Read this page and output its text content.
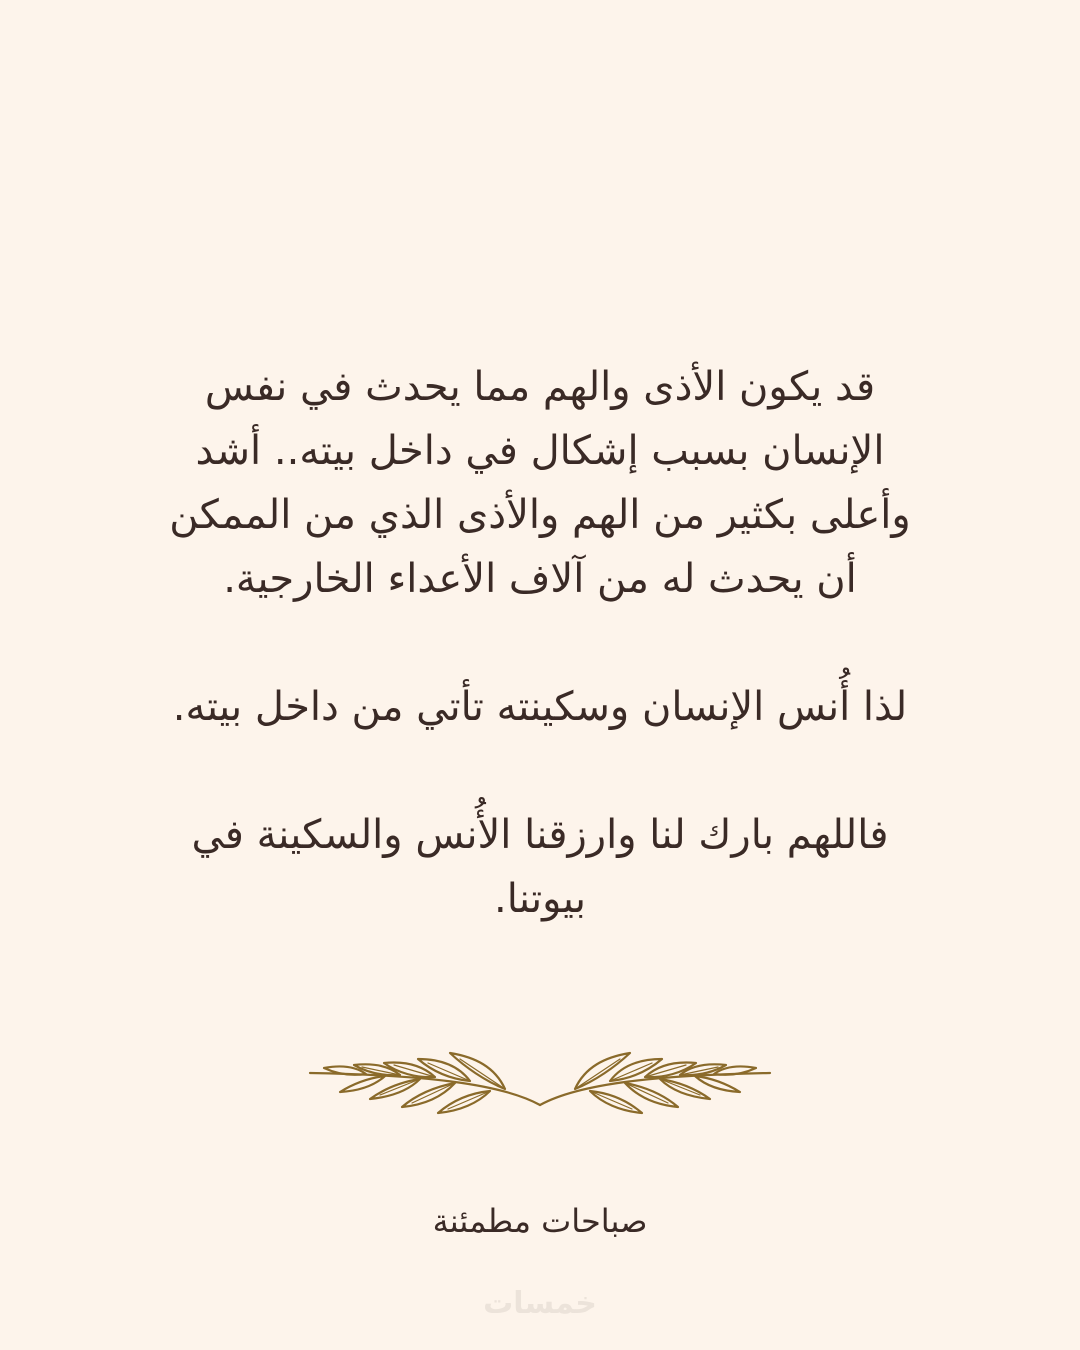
قد يكون الأذى والهم مما يحدث في نفس
الإنسان بسبب إشكال في داخل بيته.. أشد
وأعلى بكثير من الهم والأذى الذي من الممكن
أن يحدث له من آلاف الأعداء الخارجية.

لذا أُنس الإنسان وسكينته تأتي من داخل بيته.

فاللهم بارك لنا وارزقنا الأُنس والسكينة في
بيوتنا.

صباحات مطمئنة
خمسات
